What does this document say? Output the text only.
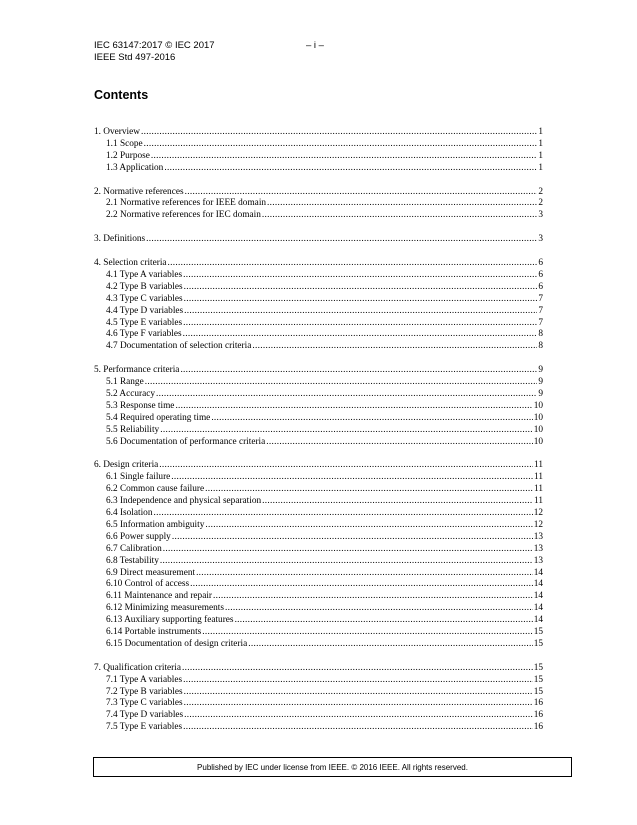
IEC 63147:2017 © IEC 2017
IEEE Std 497-2016
– i –
Contents
1. Overview .....	1
1.1 Scope .....	1
1.2 Purpose .....	1
1.3 Application .....	1
2. Normative references .....	2
2.1 Normative references for IEEE domain .....	2
2.2 Normative references for IEC domain .....	3
3. Definitions .....	3
4. Selection criteria .....	6
4.1 Type A variables .....	6
4.2 Type B variables .....	6
4.3 Type C variables .....	7
4.4 Type D variables .....	7
4.5 Type E variables .....	7
4.6 Type F variables .....	8
4.7 Documentation of selection criteria .....	8
5. Performance criteria .....	9
5.1 Range .....	9
5.2 Accuracy .....	9
5.3 Response time .....	10
5.4 Required operating time .....	10
5.5 Reliability .....	10
5.6 Documentation of performance criteria .....	10
6. Design criteria .....	11
6.1 Single failure .....	11
6.2 Common cause failure .....	11
6.3 Independence and physical separation .....	11
6.4 Isolation .....	12
6.5 Information ambiguity .....	12
6.6 Power supply .....	13
6.7 Calibration .....	13
6.8 Testability .....	13
6.9 Direct measurement .....	14
6.10 Control of access .....	14
6.11 Maintenance and repair .....	14
6.12 Minimizing measurements .....	14
6.13 Auxiliary supporting features .....	14
6.14 Portable instruments .....	15
6.15 Documentation of design criteria .....	15
7. Qualification criteria .....	15
7.1 Type A variables .....	15
7.2 Type B variables .....	15
7.3 Type C variables .....	16
7.4 Type D variables .....	16
7.5 Type E variables .....	16
Published by IEC under license from IEEE. © 2016 IEEE. All rights reserved.
